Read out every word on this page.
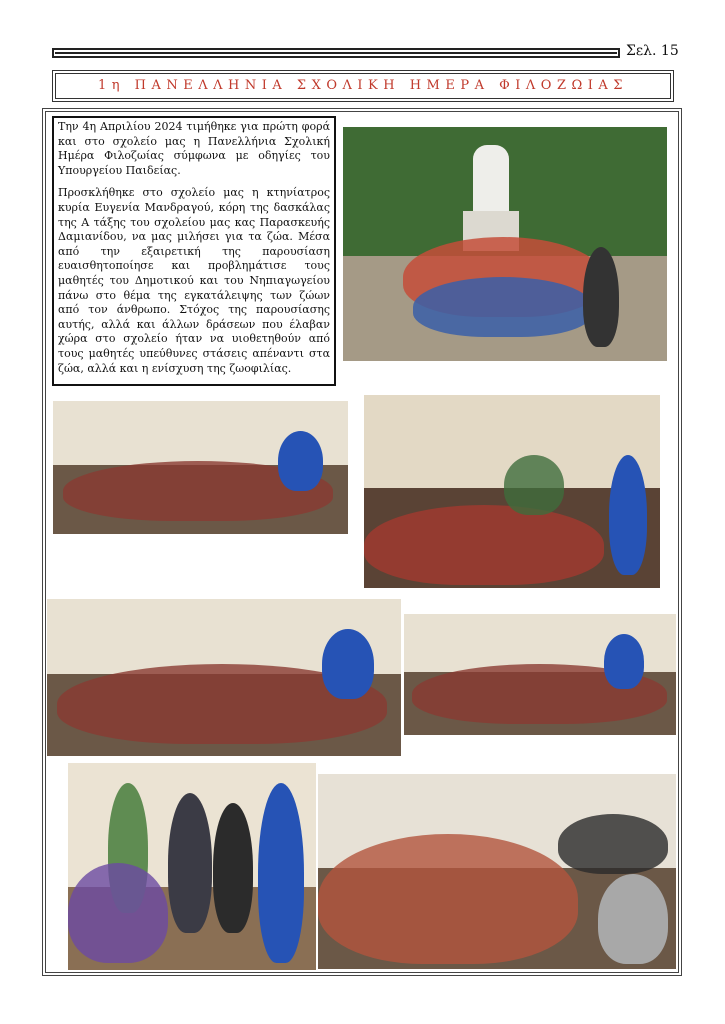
Σελ. 15
1η ΠΑΝΕΛΛΗΝΙΑ ΣΧΟΛΙΚΗ ΗΜΕΡΑ ΦΙΛΟΖΩΙΑΣ

Την 4η Απριλίου 2024 τιμήθηκε για πρώτη φορά και στο σχολείο μας η Πανελλήνια Σχολική Ημέρα Φιλοζωίας σύμφωνα με οδηγίες του Υπουργείου Παιδείας.

Προσκλήθηκε στο σχολείο μας η κτηνίατρος κυρία Ευγενία Μανδραγού, κόρη της δασκάλας της Α τάξης του σχολείου μας κας Παρασκευής Δαμιανίδου, να μας μιλήσει για τα ζώα. Μέσα από την εξαιρετική της παρουσίαση ευαισθητοποίησε και προβλημάτισε τους μαθητές του Δημοτικού και του Νηπιαγωγείου πάνω στο θέμα της εγκατάλειψης των ζώων από τον άνθρωπο. Στόχος της παρουσίασης αυτής, αλλά και άλλων δράσεων που έλαβαν χώρα στο σχολείο ήταν να υιοθετηθούν από τους μαθητές υπεύθυνες στάσεις απέναντι στα ζώα, αλλά και η ενίσχυση της ζωοφιλίας.
